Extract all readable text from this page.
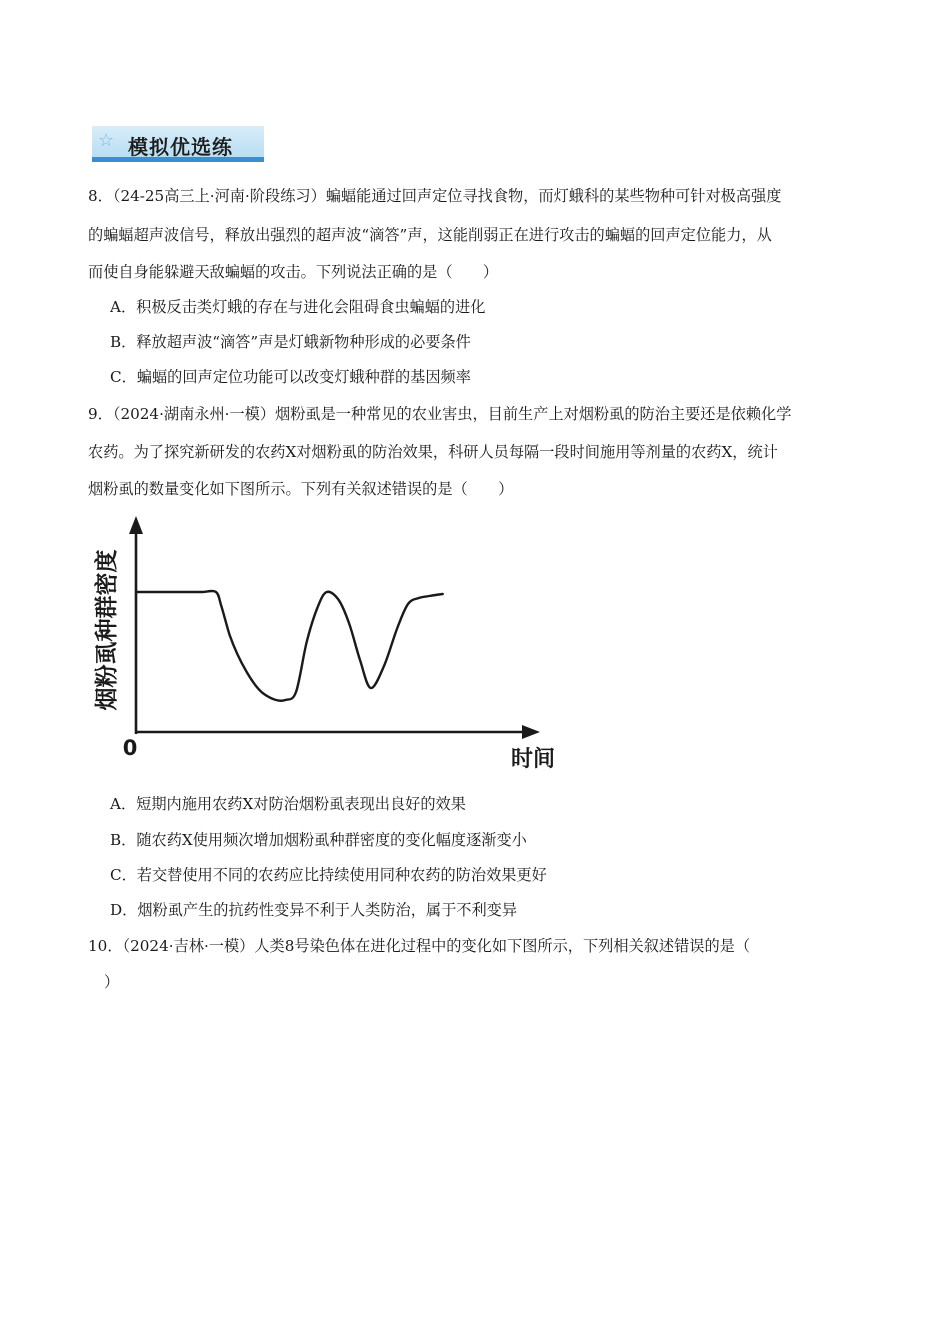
☆ 模拟优选练
8．（24-25高三上·河南·阶段练习）蝙蝠能通过回声定位寻找食物，而灯蛾科的某些物种可针对极高强度
的蝙蝠超声波信号，释放出强烈的超声波“滴答”声，这能削弱正在进行攻击的蝙蝠的回声定位能力，从
而使自身能躲避天敌蝙蝠的攻击。下列说法正确的是（　　）
A．积极反击类灯蛾的存在与进化会阻碍食虫蝙蝠的进化
B．释放超声波“滴答”声是灯蛾新物种形成的必要条件
C．蝙蝠的回声定位功能可以改变灯蛾种群的基因频率
9．（2024·湖南永州·一模）烟粉虱是一种常见的农业害虫，目前生产上对烟粉虱的防治主要还是依赖化学
农药。为了探究新研发的农药X对烟粉虱的防治效果，科研人员每隔一段时间施用等剂量的农药X，统计
烟粉虱的数量变化如下图所示。下列有关叙述错误的是（　　）
烟粉虱种群密度
0	时间
A．短期内施用农药X对防治烟粉虱表现出良好的效果
B．随农药X使用频次增加烟粉虱种群密度的变化幅度逐渐变小
C．若交替使用不同的农药应比持续使用同种农药的防治效果更好
D．烟粉虱产生的抗药性变异不利于人类防治，属于不利变异
10．（2024·吉林·一模）人类8号染色体在进化过程中的变化如下图所示，下列相关叙述错误的是（
）
